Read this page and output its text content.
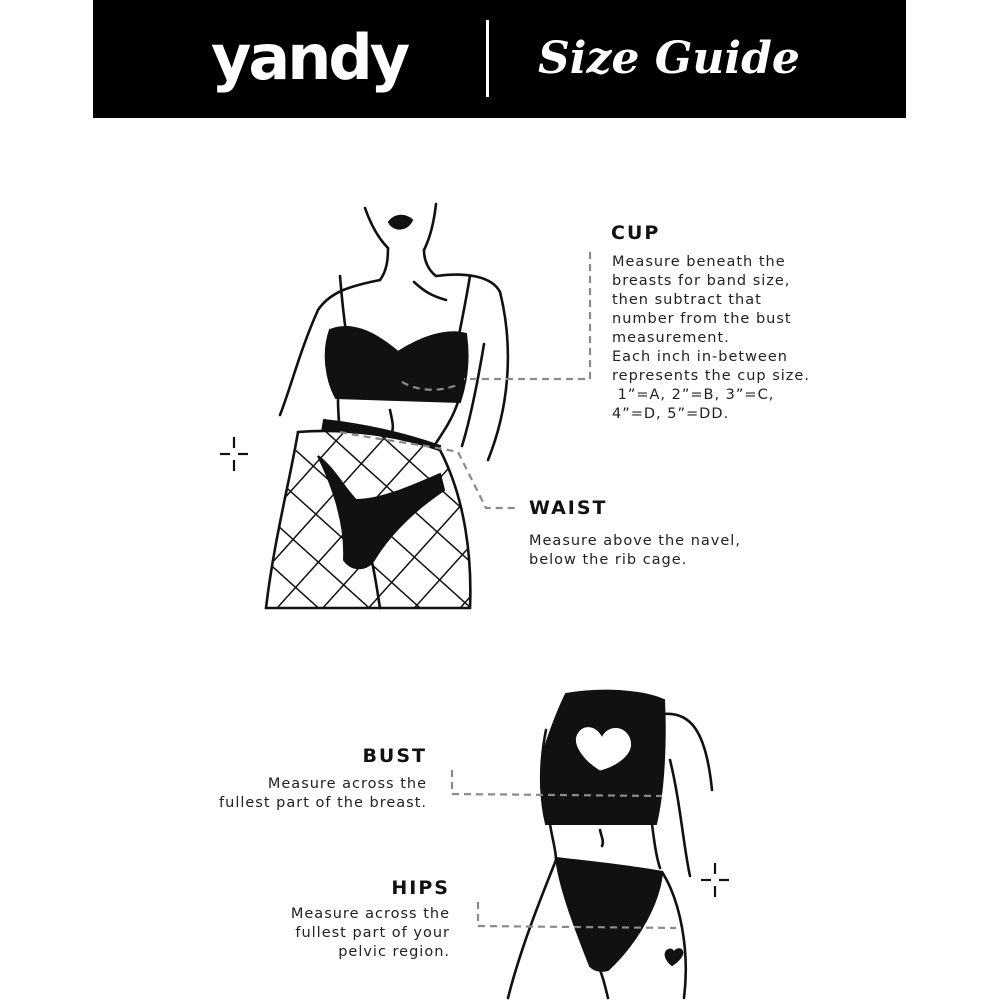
yandy	Size Guide
CUP
Measure beneath the
breasts for band size,
then subtract that
number from the bust
measurement.
Each inch in-between
represents the cup size.
1”=A, 2”=B, 3”=C,
4”=D, 5”=DD.
WAIST
Measure above the navel,
below the rib cage.
BUST
Measure across the
fullest part of the breast.
HIPS
Measure across the
fullest part of your
pelvic region.
